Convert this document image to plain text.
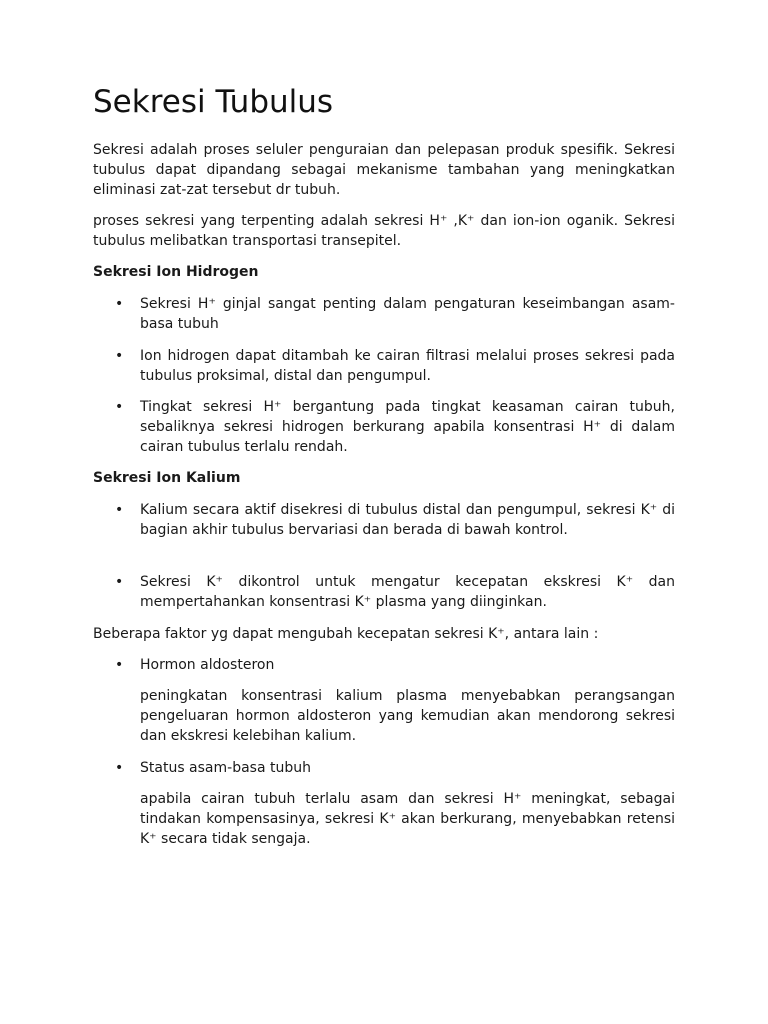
Sekresi Tubulus

Sekresi adalah proses seluler penguraian dan pelepasan produk spesifik. Sekresi tubulus dapat dipandang sebagai mekanisme tambahan yang meningkatkan eliminasi zat-zat tersebut dr tubuh.

proses sekresi yang terpenting adalah sekresi H⁺ ,K⁺ dan ion-ion oganik. Sekresi tubulus melibatkan transportasi transepitel.

Sekresi Ion Hidrogen
• Sekresi H⁺ ginjal sangat penting dalam pengaturan keseimbangan asam-basa tubuh

• Ion hidrogen dapat ditambah ke cairan filtrasi melalui proses sekresi pada tubulus proksimal, distal dan pengumpul.

• Tingkat sekresi H⁺ bergantung pada tingkat keasaman cairan tubuh, sebaliknya sekresi hidrogen berkurang apabila konsentrasi H⁺ di dalam cairan tubulus terlalu rendah.

Sekresi Ion Kalium
• Kalium secara aktif disekresi di tubulus distal dan pengumpul, sekresi K⁺ di bagian akhir tubulus bervariasi dan berada di bawah kontrol.

• Sekresi K⁺ dikontrol untuk mengatur kecepatan ekskresi K⁺ dan mempertahankan konsentrasi K⁺ plasma yang diinginkan.

Beberapa faktor yg dapat mengubah kecepatan sekresi K⁺, antara lain :

• Hormon aldosteron

peningkatan konsentrasi kalium plasma menyebabkan perangsangan pengeluaran hormon aldosteron yang kemudian akan mendorong sekresi dan ekskresi kelebihan kalium.

• Status asam-basa tubuh

apabila cairan tubuh terlalu asam dan sekresi H⁺ meningkat, sebagai tindakan kompensasinya, sekresi K⁺ akan berkurang, menyebabkan retensi K⁺ secara tidak sengaja.
